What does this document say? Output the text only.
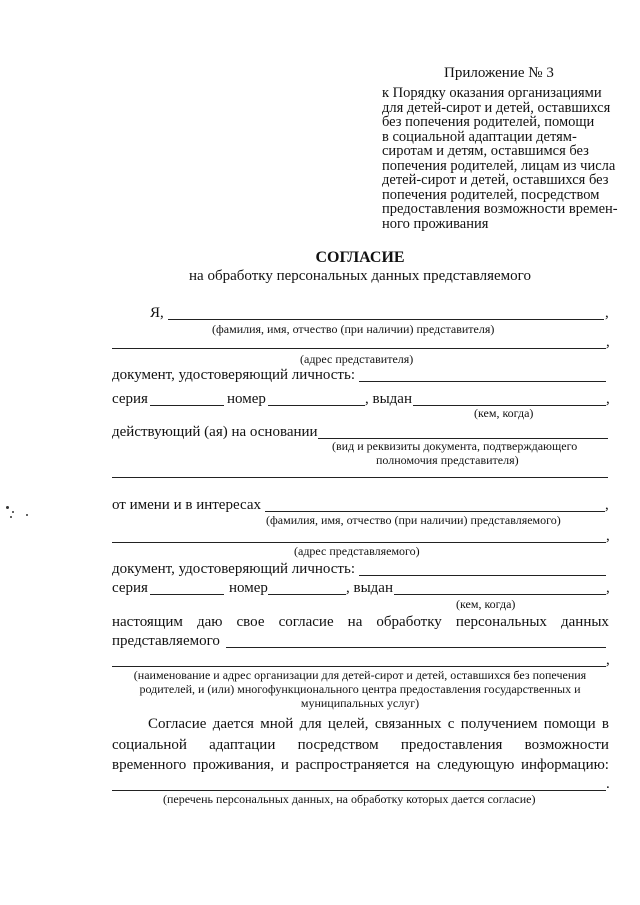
Приложение № 3
к Порядку оказания организациями
для детей-сирот и детей, оставшихся
без попечения родителей, помощи
в социальной адаптации детям-
сиротам и детям, оставшимся без
попечения родителей, лицам из числа
детей-сирот и детей, оставшихся без
попечения родителей, посредством
предоставления возможности времен-
ного проживания
СОГЛАСИЕ
на обработку персональных данных представляемого
Я,	,
(фамилия, имя, отчество (при наличии) представителя)
,
(адрес представителя)
документ, удостоверяющий личность:
серия	номер	, выдан	,
(кем, когда)
действующий (ая) на основании
(вид и реквизиты документа, подтверждающего
полномочия представителя)
от имени и в интересах	,
(фамилия, имя, отчество (при наличии) представляемого)
,
(адрес представляемого)
документ, удостоверяющий личность:
серия	номер	, выдан	,
(кем, когда)
настоящим даю свое согласие на обработку персональных данных
представляемого
,
(наименование и адрес организации для детей-сирот и детей, оставшихся без попечения
родителей, и (или) многофункционального центра предоставления государственных и
муниципальных услуг)
Согласие дается мной для целей, связанных с получением помощи в
социальной адаптации посредством предоставления возможности
временного проживания, и распространяется на следующую информацию:
.
(перечень персональных данных, на обработку которых дается согласие)
